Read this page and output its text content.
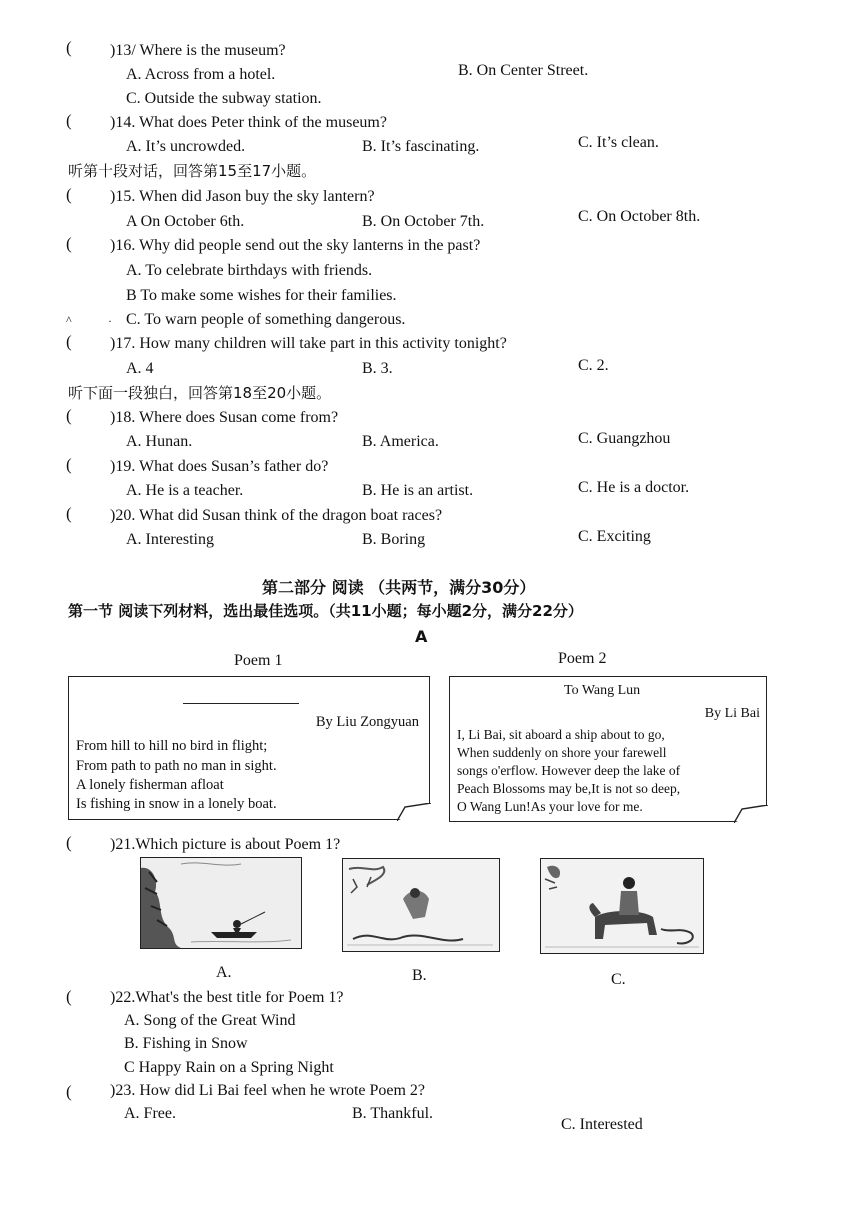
( )13/ Where is the museum?
A. Across from a hotel.	B. On Center Street.
C. Outside the subway station.
( )14. What does Peter think of the museum?
A. It’s uncrowded.	B. It’s fascinating.	C. It’s clean.
听第十段对话，回答第15至17小题。
( )15. When did Jason buy the sky lantern?
A On October 6th.	B. On October 7th.	C. On October 8th.
( )16. Why did people send out the sky lanterns in the past?
A. To celebrate birthdays with friends.
B To make some wishes for their families.
^	· C. To warn people of something dangerous.
( )17. How many children will take part in this activity tonight?
A. 4	B. 3.	C. 2.
听下面一段独白，回答第18至20小题。
( )18. Where does Susan come from?
A. Hunan.	B. America.	C. Guangzhou
( )19. What does Susan’s father do?
A. He is a teacher.	B. He is an artist.	C. He is a doctor.
( )20. What did Susan think of the dragon boat races?
A. Interesting	B. Boring	C. Exciting
第二部分 阅读 （共两节，满分30分）
第一节 阅读下列材料，选出最佳选项。（共11小题；每小题2分，满分22分）
A
Poem 1	Poem 2
By Liu Zongyuan
From hill to hill no bird in flight;
From path to path no man in sight.
A lonely fisherman afloat
Is fishing in snow in a lonely boat.
To Wang Lun
By Li Bai
I, Li Bai, sit aboard a ship about to go,
When suddenly on shore your farewell
songs o'erflow. However deep the lake of
Peach Blossoms may be,It is not so deep,
O Wang Lun!As your love for me.
( )21.Which picture is about Poem 1?
A.	B.	C.
( )22.What's the best title for Poem 1?
A. Song of the Great Wind
B. Fishing in Snow
C Happy Rain on a Spring Night
( )23. How did Li Bai feel when he wrote Poem 2?
A. Free.	B. Thankful.
C. Interested
